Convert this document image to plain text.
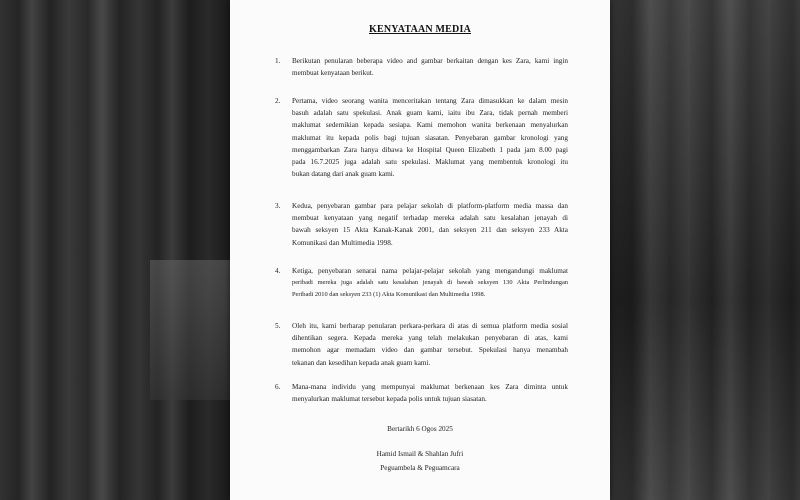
KENYATAAN MEDIA
1. Berikutan penularan beberapa video and gambar berkaitan dengan kes Zara, kami ingin
membuat kenyataan berikut.
2. Pertama, video seorang wanita menceritakan tentang Zara dimasukkan ke dalam mesin
basuh adalah satu spekulasi. Anak guam kami, iaitu ibu Zara, tidak pernah memberi
maklumat sedemikian kepada sesiapa. Kami memohon wanita berkenaan menyalurkan
maklumat itu kepada polis bagi tujuan siasatan. Penyebaran gambar kronologi yang
menggambarkan Zara hanya dibawa ke Hospital Queen Elizabeth 1 pada jam 8.00 pagi
pada 16.7.2025 juga adalah satu spekulasi. Maklumat yang membentuk kronologi itu
bukan datang dari anak guam kami.
3. Kedua, penyebaran gambar para pelajar sekolah di platform-platform media massa dan
membuat kenyataan yang negatif terhadap mereka adalah satu kesalahan jenayah di
bawah seksyen 15 Akta Kanak-Kanak 2001, dan seksyen 211 dan seksyen 233 Akta
Komunikasi dan Multimedia 1998.
4. Ketiga, penyebaran senarai nama pelajar-pelajar sekolah yang mengandungi maklumat
peribadi mereka juga adalah satu kesalahan jenayah di bawah seksyen 130 Akta Perlindungan
Peribadi 2010 dan seksyen 233 (1) Akta Komunikasi dan Multimedia 1998.
5. Oleh itu, kami berharap penularan perkara-perkara di atas di semua platform media sosial
dihentikan segera. Kepada mereka yang telah melakukan penyebaran di atas, kami
memohon agar memadam video dan gambar tersebut. Spekulasi hanya menambah
tekanan dan kesedihan kepada anak guam kami.
6. Mana-mana individu yang mempunyai maklumat berkenaan kes Zara diminta untuk
menyalurkan maklumat tersebut kepada polis untuk tujuan siasatan.
Bertarikh 6 Ogos 2025
Hamid Ismail & Shahlan Jufri
Peguambela & Peguamcara
